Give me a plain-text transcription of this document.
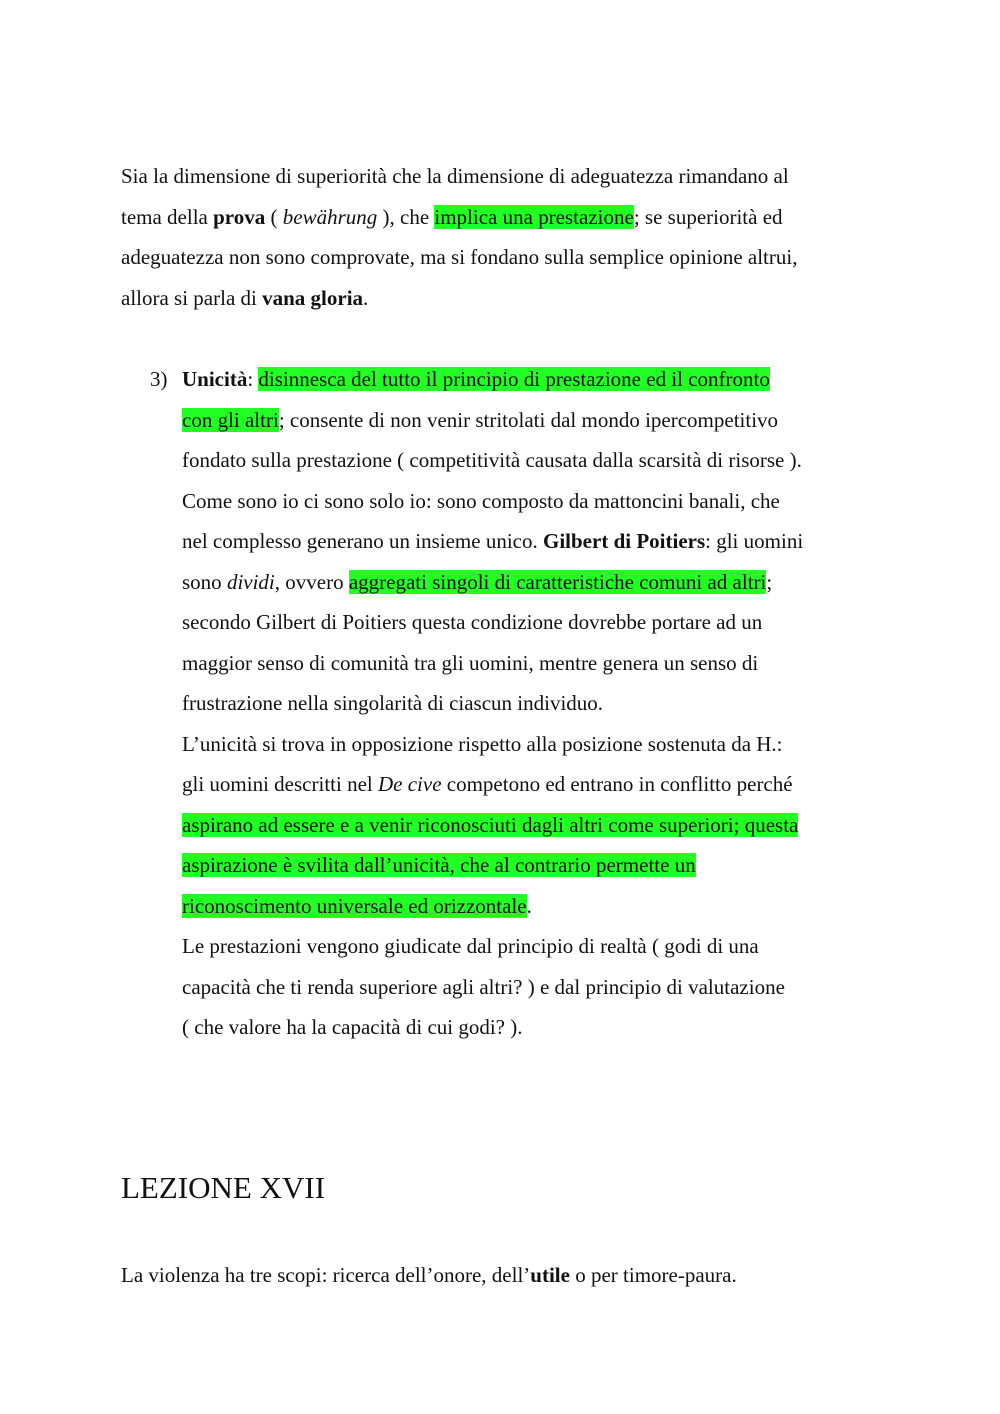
Sia la dimensione di superiorità che la dimensione di adeguatezza rimandano al
tema della prova ( bewährung ), che implica una prestazione; se superiorità ed
adeguatezza non sono comprovate, ma si fondano sulla semplice opinione altrui,
allora si parla di vana gloria.

3) Unicità: disinnesca del tutto il principio di prestazione ed il confronto
con gli altri; consente di non venir stritolati dal mondo ipercompetitivo
fondato sulla prestazione ( competitività causata dalla scarsità di risorse ).
Come sono io ci sono solo io: sono composto da mattoncini banali, che
nel complesso generano un insieme unico. Gilbert di Poitiers: gli uomini
sono dividi, ovvero aggregati singoli di caratteristiche comuni ad altri;
secondo Gilbert di Poitiers questa condizione dovrebbe portare ad un
maggior senso di comunità tra gli uomini, mentre genera un senso di
frustrazione nella singolarità di ciascun individuo.
L’unicità si trova in opposizione rispetto alla posizione sostenuta da H.:
gli uomini descritti nel De cive competono ed entrano in conflitto perché
aspirano ad essere e a venir riconosciuti dagli altri come superiori; questa
aspirazione è svilita dall’unicità, che al contrario permette un
riconoscimento universale ed orizzontale.
Le prestazioni vengono giudicate dal principio di realtà ( godi di una
capacità che ti renda superiore agli altri? ) e dal principio di valutazione
( che valore ha la capacità di cui godi? ).
LEZIONE XVII

La violenza ha tre scopi: ricerca dell’onore, dell’utile o per timore-paura.
